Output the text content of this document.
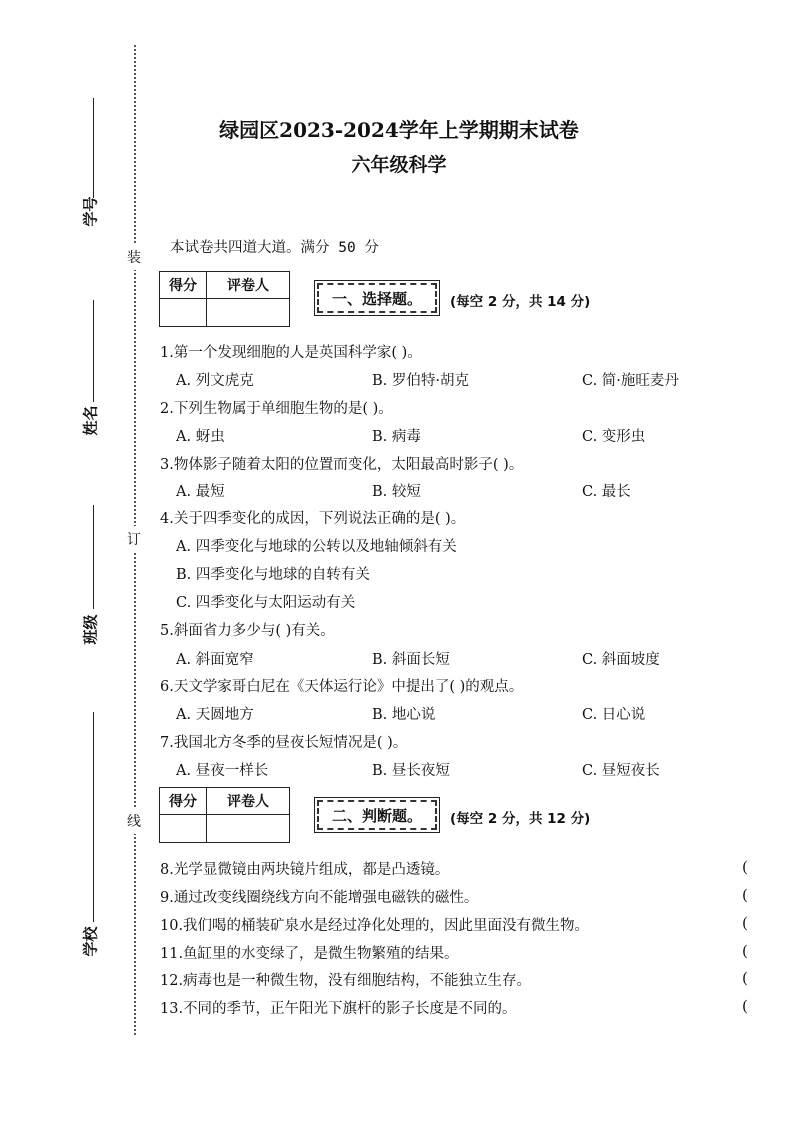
学号
姓名
班级
学校
装
订
线
绿园区2023-2024学年上学期期末试卷
六年级科学
本试卷共四道大道。满分 50 分
得分	评卷人

一、选择题。	(每空 2 分，共 14 分)
1.第一个发现细胞的人是英国科学家( )。
A. 列文虎克	B. 罗伯特·胡克	C. 简·施旺麦丹
2.下列生物属于单细胞生物的是( )。
A. 蚜虫	B. 病毒	C. 变形虫
3.物体影子随着太阳的位置而变化，太阳最高时影子( )。
A. 最短	B. 较短	C. 最长
4.关于四季变化的成因，下列说法正确的是( )。
A. 四季变化与地球的公转以及地轴倾斜有关
B. 四季变化与地球的自转有关
C. 四季变化与太阳运动有关
5.斜面省力多少与( )有关。
A. 斜面宽窄	B. 斜面长短	C. 斜面坡度
6.天文学家哥白尼在《天体运行论》中提出了( )的观点。
A. 天圆地方	B. 地心说	C. 日心说
7.我国北方冬季的昼夜长短情况是( )。
A. 昼夜一样长	B. 昼长夜短	C. 昼短夜长
得分	评卷人

二、判断题。	(每空 2 分，共 12 分)
8.光学显微镜由两块镜片组成，都是凸透镜。	(
9.通过改变线圈绕线方向不能增强电磁铁的磁性。	(
10.我们喝的桶装矿泉水是经过净化处理的，因此里面没有微生物。	(
11.鱼缸里的水变绿了，是微生物繁殖的结果。	(
12.病毒也是一种微生物，没有细胞结构，不能独立生存。	(
13.不同的季节，正午阳光下旗杆的影子长度是不同的。	(
